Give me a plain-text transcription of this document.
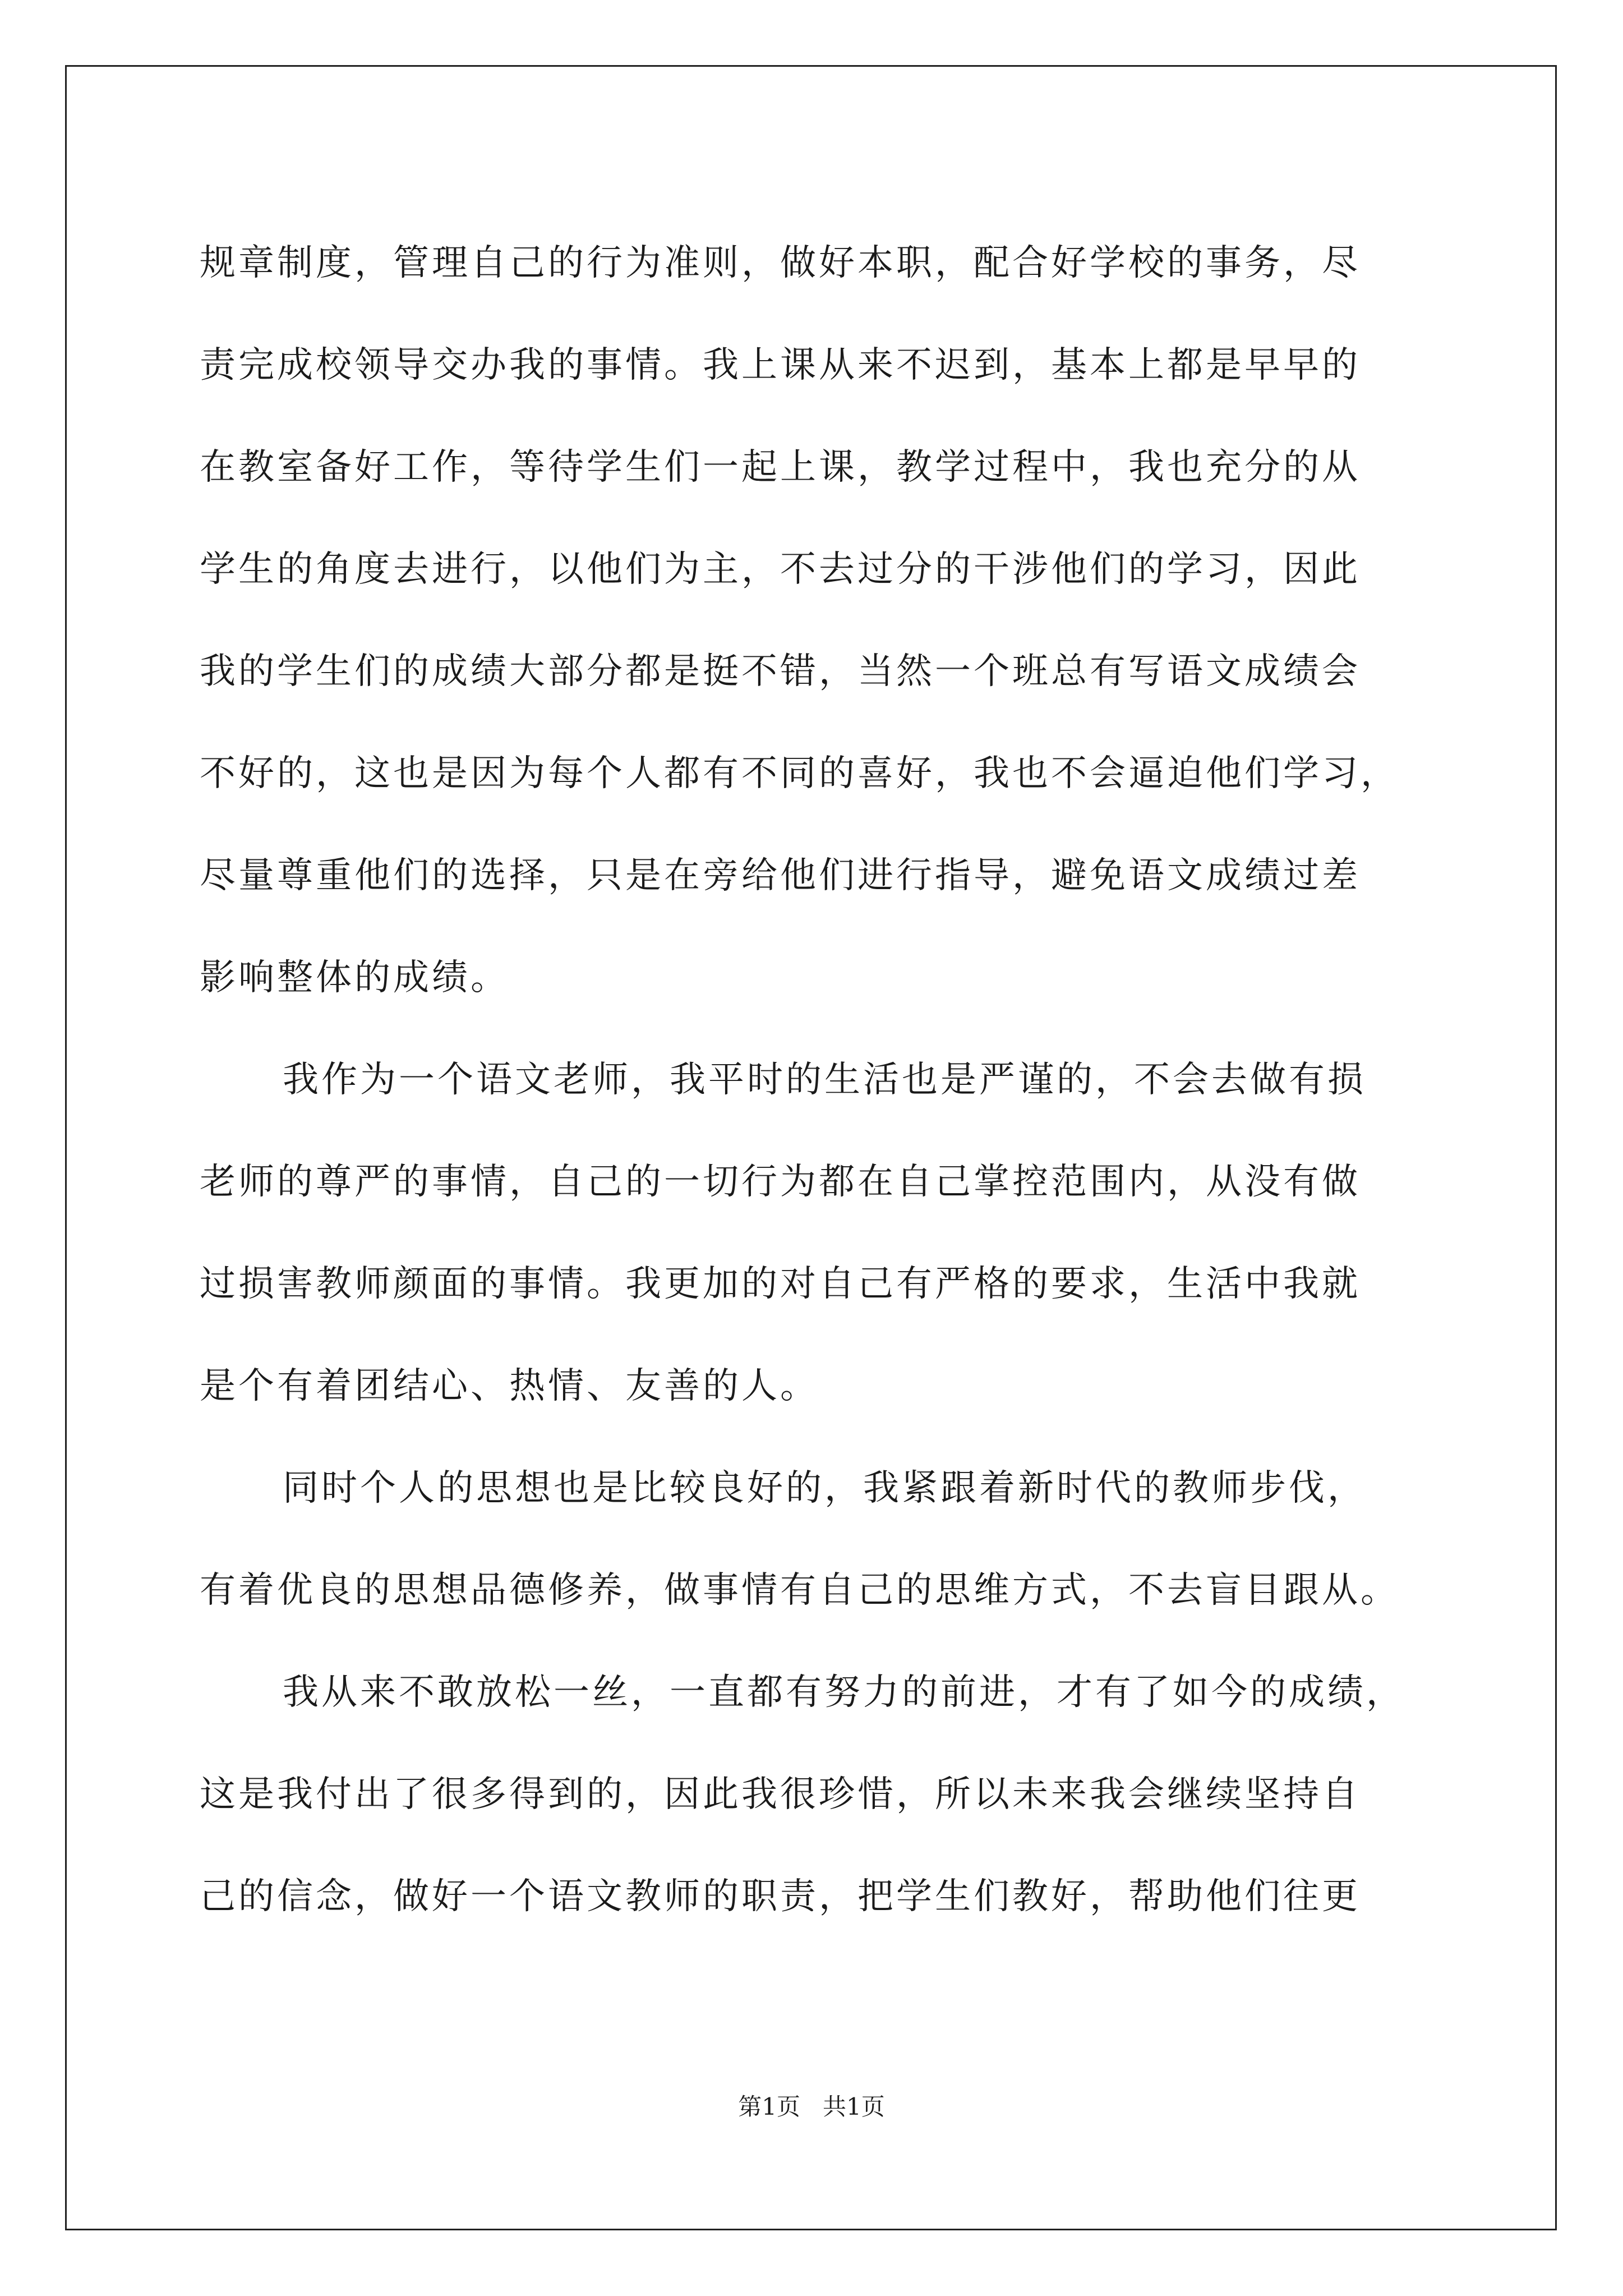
规章制度，管理自己的行为准则，做好本职，配合好学校的事务，尽
责完成校领导交办我的事情。我上课从来不迟到，基本上都是早早的
在教室备好工作，等待学生们一起上课，教学过程中，我也充分的从
学生的角度去进行，以他们为主，不去过分的干涉他们的学习，因此
我的学生们的成绩大部分都是挺不错，当然一个班总有写语文成绩会
不好的，这也是因为每个人都有不同的喜好，我也不会逼迫他们学习，
尽量尊重他们的选择，只是在旁给他们进行指导，避免语文成绩过差
影响整体的成绩。
我作为一个语文老师，我平时的生活也是严谨的，不会去做有损
老师的尊严的事情，自己的一切行为都在自己掌控范围内，从没有做
过损害教师颜面的事情。我更加的对自己有严格的要求，生活中我就
是个有着团结心、热情、友善的人。
同时个人的思想也是比较良好的，我紧跟着新时代的教师步伐，
有着优良的思想品德修养，做事情有自己的思维方式，不去盲目跟从。
我从来不敢放松一丝，一直都有努力的前进，才有了如今的成绩，
这是我付出了很多得到的，因此我很珍惜，所以未来我会继续坚持自
己的信念，做好一个语文教师的职责，把学生们教好，帮助他们往更
第1页   共1页
